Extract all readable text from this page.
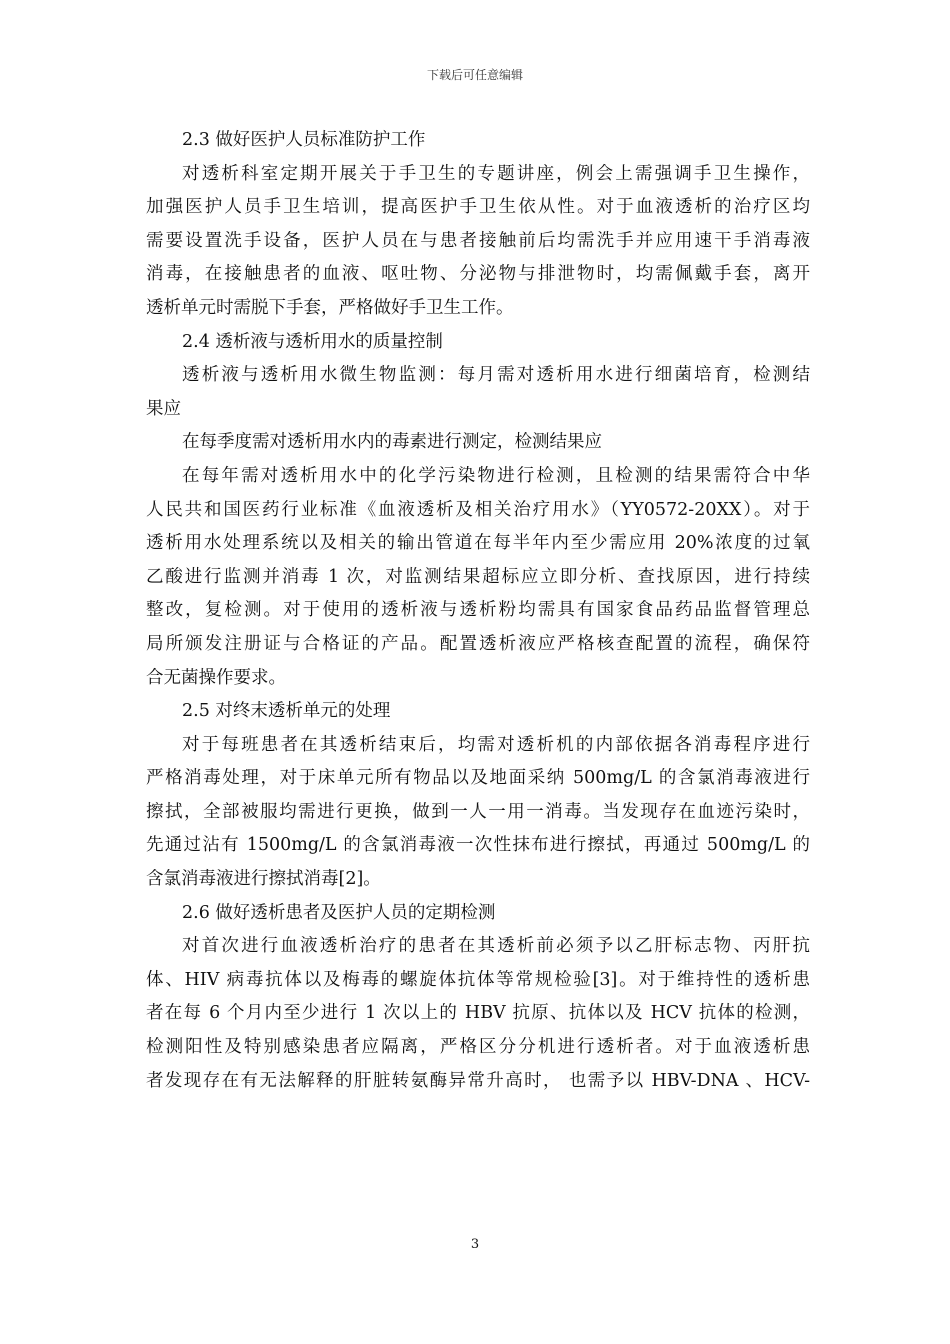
下载后可任意编辑
2.3 做好医护人员标准防护工作
对透析科室定期开展关于手卫生的专题讲座，例会上需强调手卫生操作，
加强医护人员手卫生培训，提高医护手卫生依从性。对于血液透析的治疗区均
需要设置洗手设备，医护人员在与患者接触前后均需洗手并应用速干手消毒液
消毒，在接触患者的血液、呕吐物、分泌物与排泄物时，均需佩戴手套，离开
透析单元时需脱下手套，严格做好手卫生工作。
2.4 透析液与透析用水的质量控制
透析液与透析用水微生物监测：每月需对透析用水进行细菌培育，检测结
果应
在每季度需对透析用水内的毒素进行测定，检测结果应
在每年需对透析用水中的化学污染物进行检测，且检测的结果需符合中华
人民共和国医药行业标准《血液透析及相关治疗用水》（YY0572-20XX）。对于
透析用水处理系统以及相关的输出管道在每半年内至少需应用 20%浓度的过氧
乙酸进行监测并消毒 1 次，对监测结果超标应立即分析、查找原因，进行持续
整改，复检测。对于使用的透析液与透析粉均需具有国家食品药品监督管理总
局所颁发注册证与合格证的产品。配置透析液应严格核查配置的流程，确保符
合无菌操作要求。
2.5 对终末透析单元的处理
对于每班患者在其透析结束后，均需对透析机的内部依据各消毒程序进行
严格消毒处理，对于床单元所有物品以及地面采纳 500mg/L 的含氯消毒液进行
擦拭，全部被服均需进行更换，做到一人一用一消毒。当发现存在血迹污染时，
先通过沾有 1500mg/L 的含氯消毒液一次性抹布进行擦拭，再通过 500mg/L 的
含氯消毒液进行擦拭消毒[2]。
2.6 做好透析患者及医护人员的定期检测
对首次进行血液透析治疗的患者在其透析前必须予以乙肝标志物、丙肝抗
体、HIV 病毒抗体以及梅毒的螺旋体抗体等常规检验[3]。对于维持性的透析患
者在每 6 个月内至少进行 1 次以上的 HBV 抗原、抗体以及 HCV 抗体的检测，
检测阳性及特别感染患者应隔离，严格区分分机进行透析者。对于血液透析患
者发现存在有无法解释的肝脏转氨酶异常升高时， 也需予以 HBV-DNA 、HCV-
3
